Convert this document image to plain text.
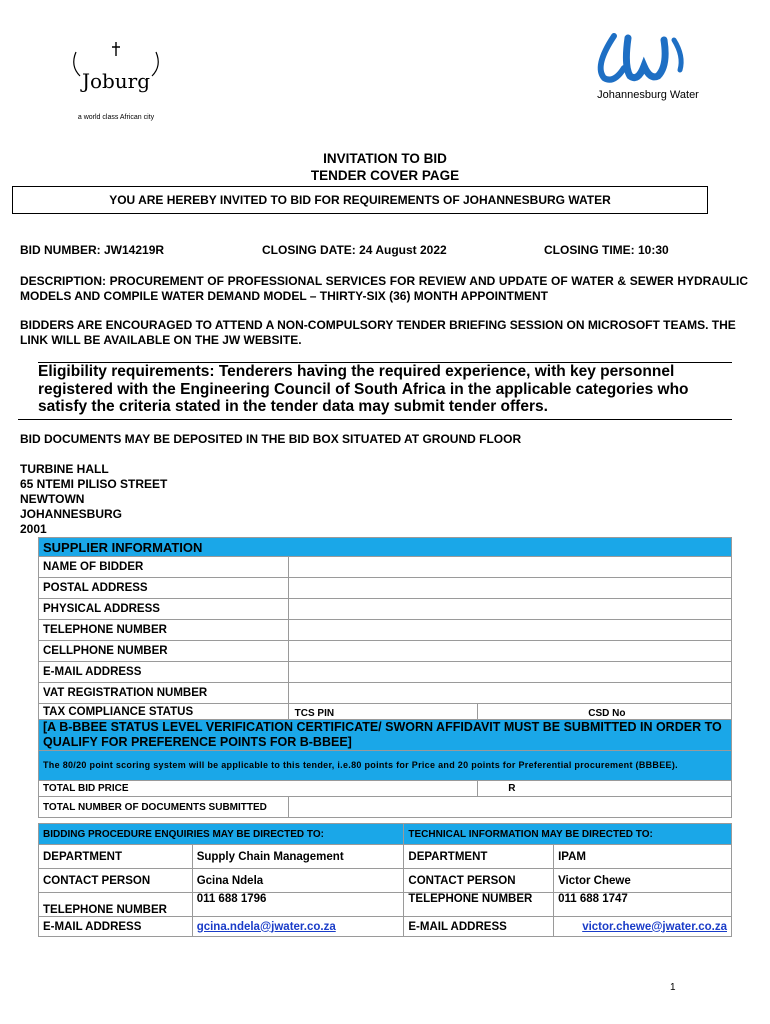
Joburg
a world class African city
Johannesburg Water
INVITATION TO BID
TENDER COVER PAGE
YOU ARE HEREBY INVITED TO BID FOR REQUIREMENTS OF JOHANNESBURG WATER
BID NUMBER: JW14219R	CLOSING DATE: 24 August 2022	CLOSING TIME: 10:30
DESCRIPTION: PROCUREMENT OF PROFESSIONAL SERVICES FOR REVIEW AND UPDATE OF WATER & SEWER HYDRAULIC MODELS AND COMPILE WATER DEMAND MODEL – THIRTY-SIX (36) MONTH APPOINTMENT
BIDDERS ARE ENCOURAGED TO ATTEND A NON-COMPULSORY TENDER BRIEFING SESSION ON MICROSOFT TEAMS. THE LINK WILL BE AVAILABLE ON THE JW WEBSITE.
Eligibility requirements: Tenderers having the required experience, with key personnel registered with the Engineering Council of South Africa in the applicable categories who satisfy the criteria stated in the tender data may submit tender offers.
BID DOCUMENTS MAY BE DEPOSITED IN THE BID BOX SITUATED AT GROUND FLOOR
TURBINE HALL
65 NTEMI PILISO STREET
NEWTOWN
JOHANNESBURG
2001
SUPPLIER INFORMATION		
NAME OF BIDDER		
POSTAL ADDRESS		
PHYSICAL ADDRESS		
TELEPHONE NUMBER		
CELLPHONE NUMBER		
E-MAIL ADDRESS		
VAT REGISTRATION NUMBER		
TAX COMPLIANCE STATUS	TCS PIN	CSD No
[A B-BBEE STATUS LEVEL VERIFICATION CERTIFICATE/ SWORN AFFIDAVIT MUST BE SUBMITTED IN ORDER TO QUALIFY FOR PREFERENCE POINTS FOR B-BBEE]		
The 80/20 point scoring system will be applicable to this tender, i.e.80 points for Price and 20 points for Preferential procurement (BBBEE).		
TOTAL BID PRICE		R
TOTAL NUMBER OF DOCUMENTS SUBMITTED		
BIDDING PROCEDURE ENQUIRIES MAY BE DIRECTED TO:		TECHNICAL INFORMATION MAY BE DIRECTED TO:	
DEPARTMENT	Supply Chain Management	DEPARTMENT	IPAM
CONTACT PERSON	Gcina Ndela	CONTACT PERSON	Victor Chewe
TELEPHONE NUMBER	011 688 1796	TELEPHONE NUMBER	011 688 1747
E-MAIL ADDRESS	gcina.ndela@jwater.co.za	E-MAIL ADDRESS	victor.chewe@jwater.co.za
1
